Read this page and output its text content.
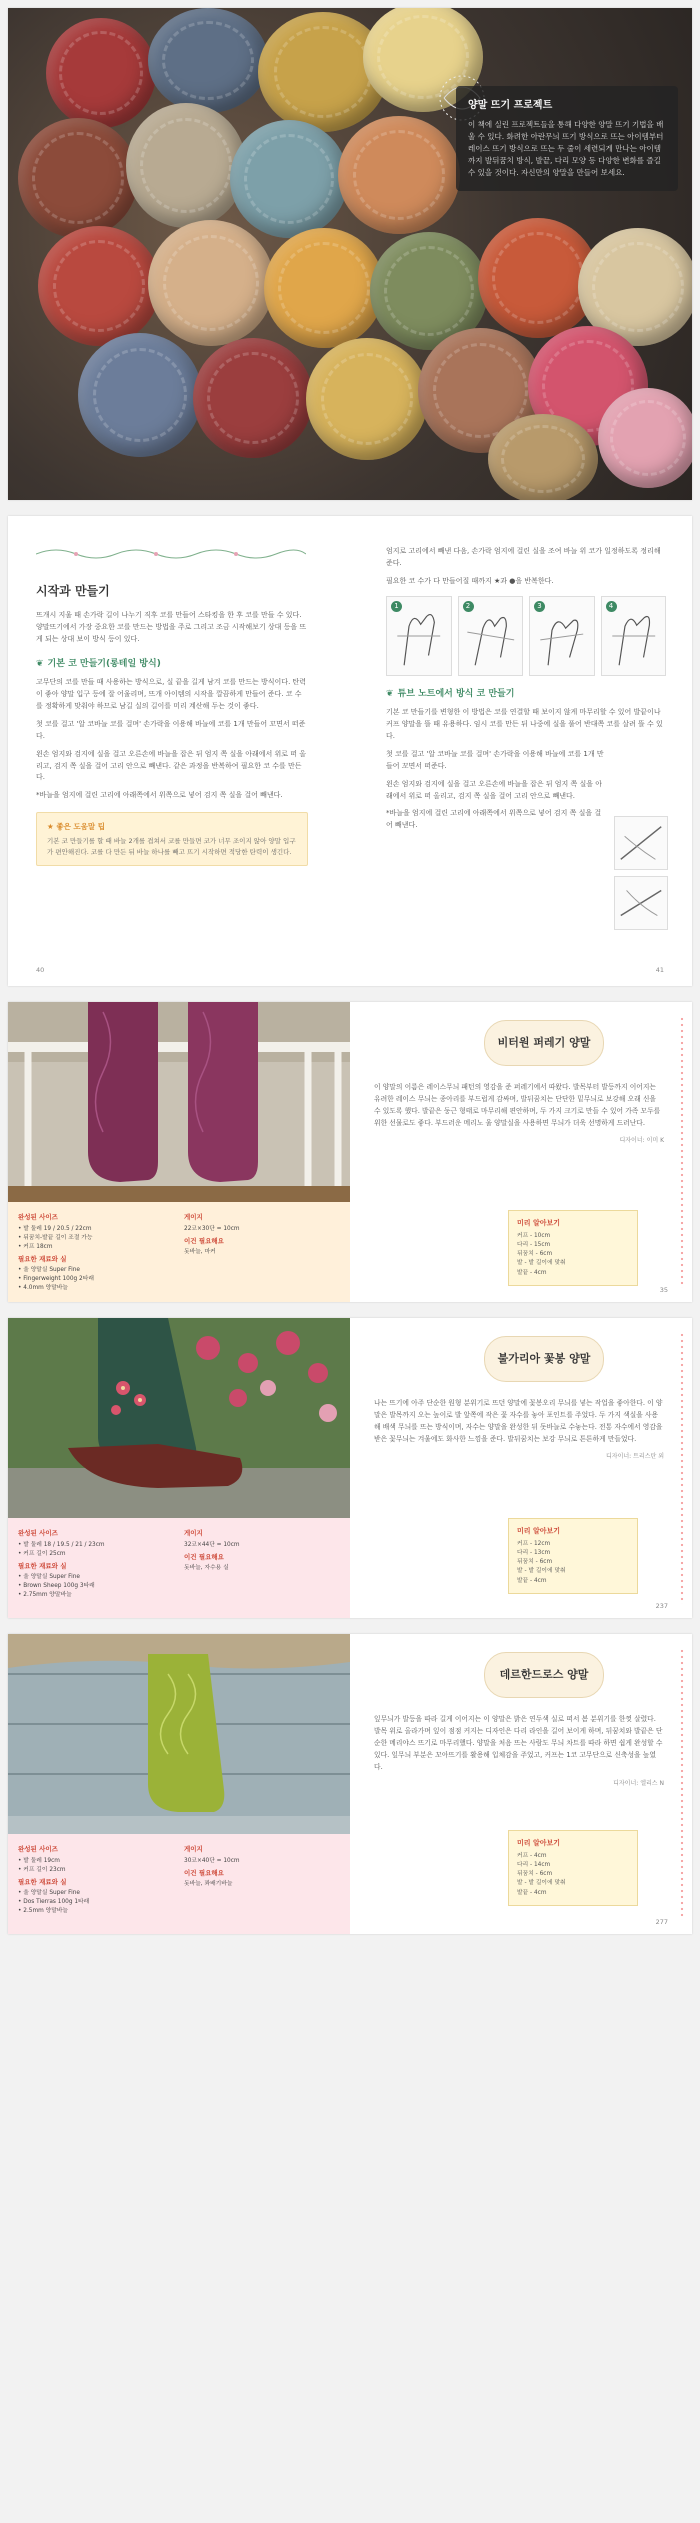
양말 뜨기 프로젝트
이 책에 실린 프로젝트들을 통해 다양한 양말 뜨기 기법을 배울 수 있다. 화려한 아란무늬 뜨기 방식으로 뜨는 아이템부터 레이스 뜨기 방식으로 뜨는 두 줄이 세련되게 만나는 아이템까지 발뒤꿈치 방식, 발끝, 다리 모양 등 다양한 변화를 즐길 수 있을 것이다. 자신만의 양말을 만들어 보세요.
시작과 만들기

뜨개시 지울 때 손가락 길이 나누기 직후 코를 만들어 스타킹을 한 후 코를 만들 수 있다. 양말뜨기에서 가장 중요한 코를 만드는 방법을 주로 그리고 조금 시작해보기 상대 등을 뜨게 되는 상대 보이 방식 등이 있다.

❦ 기본 코 만들기(롱테일 방식)

고무단의 코를 만들 때 사용하는 방식으로, 실 끝을 길게 남겨 코를 만드는 방식이다. 탄력이 좋아 양말 입구 등에 잘 어울리며, 뜨개 아이템의 시작을 깔끔하게 만들어 준다. 코 수를 정확하게 맞춰야 하므로 남길 실의 길이를 미리 계산해 두는 것이 좋다.

첫 코를 걸고 '알 코바늘 코를 걸며' 손가락을 이용해 바늘에 코를 1개 만들어 꼬면서 떠준다.

왼손 엄지와 검지에 실을 걸고 오른손에 바늘을 잡은 뒤 엄지 쪽 실을 아래에서 위로 떠 올리고, 검지 쪽 실을 걸어 고리 안으로 빼낸다. 같은 과정을 반복하여 필요한 코 수를 만든다.

*바늘을 엄지에 걸린 고리에 아래쪽에서 위쪽으로 넣어 검지 쪽 실을 걸어 빼낸다.

★ 좋은 도움말 팁
기본 코 만들기를 할 때 바늘 2개를 겹쳐서 코를 만들면 코가 너무 조이지 않아 양말 입구가 편안해진다. 코를 다 만든 뒤 바늘 하나를 빼고 뜨기 시작하면 적당한 탄력이 생긴다.
40

엄지로 고리에서 빼낸 다음, 손가락 엄지에 걸린 실을 조여 바늘 위 코가 일정하도록 정리해 준다.

필요한 코 수가 다 만들어질 때까지 ★과 ●을 반복한다.

1	2	3	4
❦ 튜브 노트에서 방식 코 만들기

기본 코 만들기를 변형한 이 방법은 코를 연결할 때 보이지 않게 마무리할 수 있어 발끝이나 커프 양말을 뜰 때 유용하다. 임시 코를 만든 뒤 나중에 실을 풀어 반대쪽 코를 살려 뜰 수 있다.

첫 코를 걸고 '알 코바늘 코를 걸며' 손가락을 이용해 바늘에 코를 1개 만들어 꼬면서 떠준다.

왼손 엄지와 검지에 실을 걸고 오른손에 바늘을 잡은 뒤 엄지 쪽 실을 아래에서 위로 떠 올리고, 검지 쪽 실을 걸어 고리 안으로 빼낸다.

*바늘을 엄지에 걸린 고리에 아래쪽에서 위쪽으로 넣어 검지 쪽 실을 걸어 빼낸다.

41
완성된 사이즈
• 발 둘레 19 / 20.5 / 22cm
• 뒤꿈치-발끝 길이 조절 가능
• 커프 18cm
필요한 재료와 실
• 울 양말실 Super Fine
• Fingerweight 100g 2타래
• 4.0mm 양말바늘
게이지
22코×30단 = 10cm
이건 필요해요
돗바늘, 마커
비터원 퍼레기 양말
이 양말의 이름은 레이스무늬 패턴의 영감을 준 퍼레기에서 따왔다. 발목부터 발등까지 이어지는 유려한 레이스 무늬는 종아리를 부드럽게 감싸며, 발뒤꿈치는 단단한 밑무늬로 보강해 오래 신을 수 있도록 했다. 발끝은 둥근 형태로 마무리해 편안하며, 두 가지 크기로 만들 수 있어 가족 모두를 위한 선물로도 좋다. 부드러운 메리노 울 양말실을 사용하면 무늬가 더욱 선명하게 드러난다.
디자이너: 이미 K
미리 알아보기
커프 - 10cm
다리 - 15cm
뒤꿈치 - 6cm
발 - 발 길이에 맞춰
발끝 - 4cm
35
완성된 사이즈
• 발 둘레 18 / 19.5 / 21 / 23cm
• 커프 길이 25cm
필요한 재료와 실
• 울 양말실 Super Fine
• Brown Sheep 100g 3타래
• 2.75mm 양말바늘
게이지
32코×44단 = 10cm
이건 필요해요
돗바늘, 자수용 실
불가리아 꽃봉 양말
나는 뜨기에 아주 단순한 원형 분위기로 뜨던 양말에 꽃봉오리 무늬를 넣는 작업을 좋아한다. 이 양말은 발목까지 오는 높이로 발 앞쪽에 작은 꽃 자수를 놓아 포인트를 주었다. 두 가지 색실을 사용해 배색 무늬를 뜨는 방식이며, 자수는 양말을 완성한 뒤 돗바늘로 수놓는다. 전통 자수에서 영감을 받은 꽃무늬는 겨울에도 화사한 느낌을 준다. 발뒤꿈치는 보강 무늬로 튼튼하게 만들었다.
디자이너: 트리스탄 외
미리 알아보기
커프 - 12cm
다리 - 13cm
뒤꿈치 - 6cm
발 - 발 길이에 맞춰
발끝 - 4cm
237
완성된 사이즈
• 발 둘레 19cm
• 커프 길이 23cm
필요한 재료와 실
• 울 양말실 Super Fine
• Dos Tierras 100g 1타래
• 2.5mm 양말바늘
게이지
30코×40단 = 10cm
이건 필요해요
돗바늘, 꽈배기바늘
데르한드로스 양말
잎무늬가 발등을 따라 길게 이어지는 이 양말은 밝은 연두색 실로 떠서 봄 분위기를 한껏 살렸다. 발목 위로 올라가며 잎이 점점 커지는 디자인은 다리 라인을 길어 보이게 하며, 뒤꿈치와 발끝은 단순한 메리야스 뜨기로 마무리했다. 양말을 처음 뜨는 사람도 무늬 차트를 따라 하면 쉽게 완성할 수 있다. 잎무늬 부분은 꼬아뜨기를 활용해 입체감을 주었고, 커프는 1코 고무단으로 신축성을 높였다.
디자이너: 엘리스 N
미리 알아보기
커프 - 4cm
다리 - 14cm
뒤꿈치 - 6cm
발 - 발 길이에 맞춰
발끝 - 4cm
277
